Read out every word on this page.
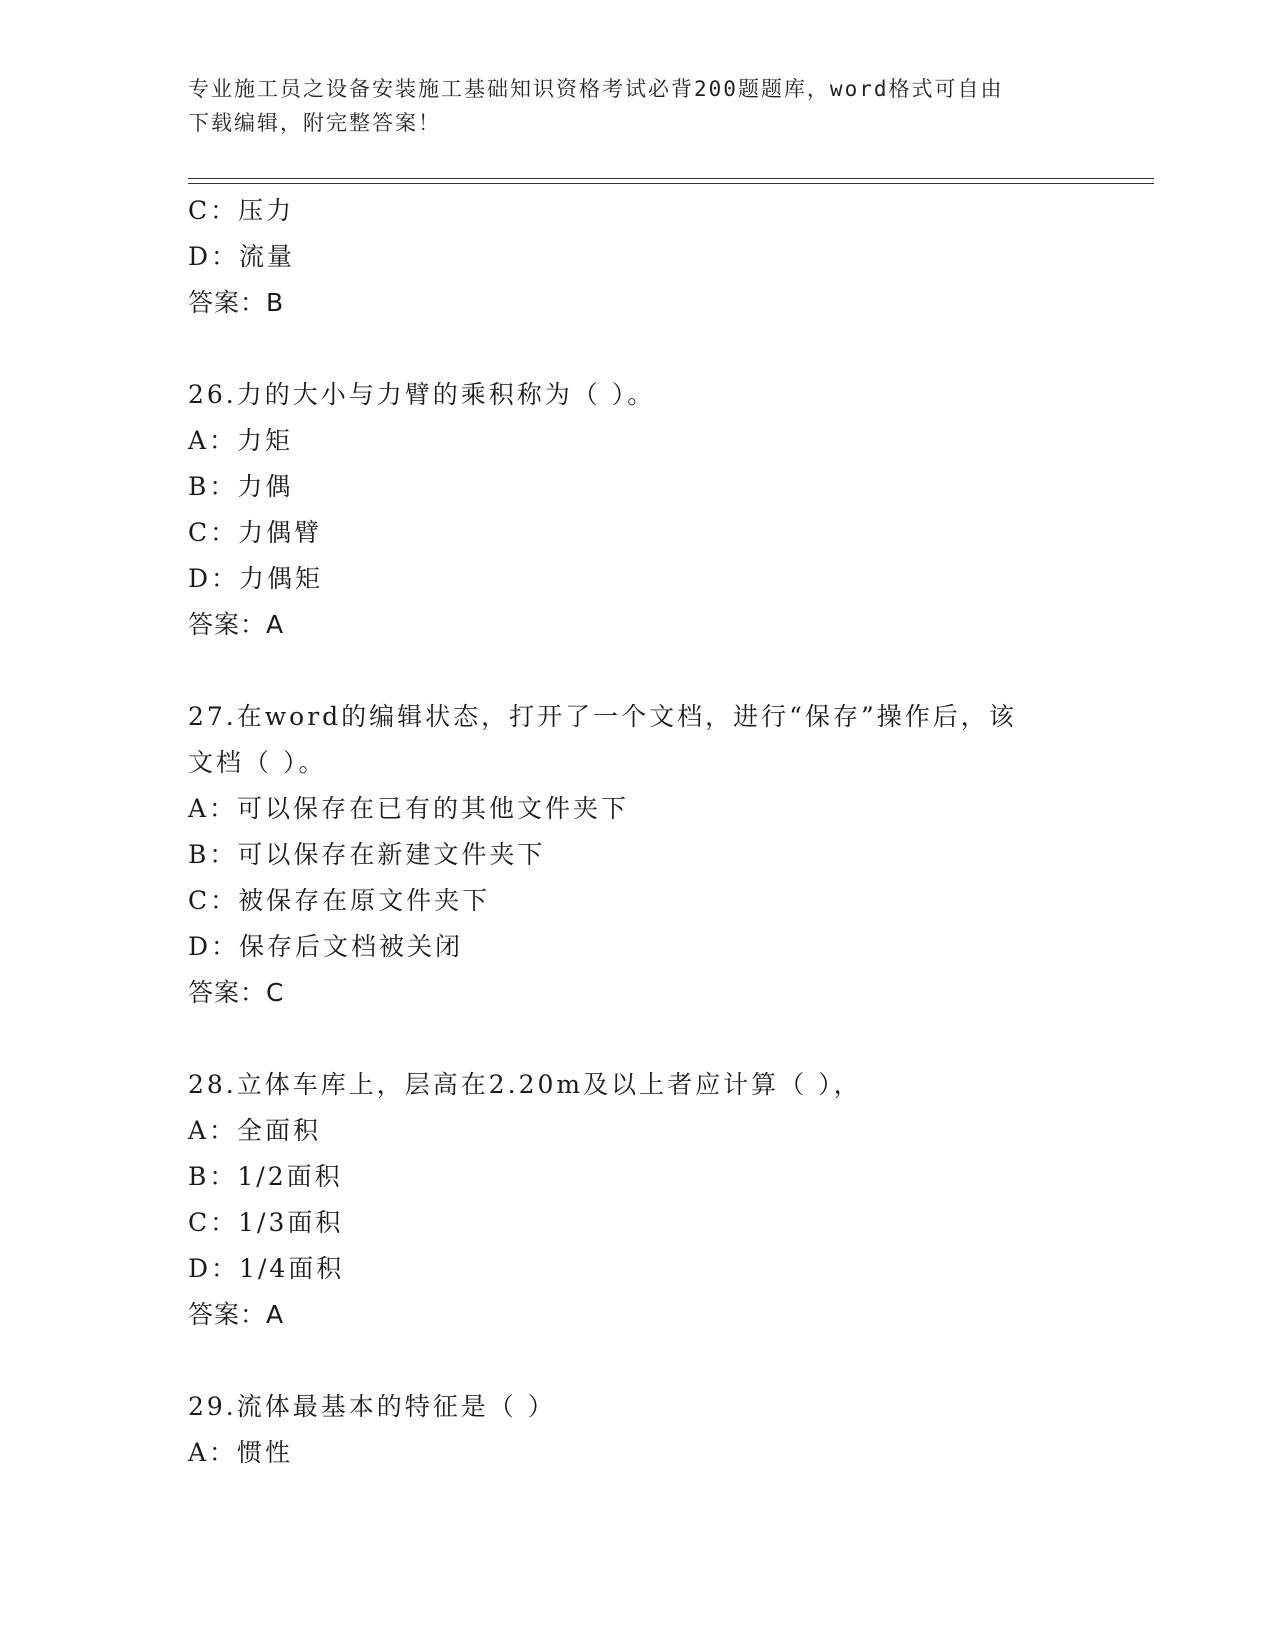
专业施工员之设备安装施工基础知识资格考试必背200题题库，word格式可自由
下载编辑，附完整答案！
C：压力
D：流量
答案：B
26.力的大小与力臂的乘积称为（ ）。
A：力矩
B：力偶
C：力偶臂
D：力偶矩
答案：A
27.在word的编辑状态，打开了一个文档，进行“保存”操作后，该
文档（ ）。
A：可以保存在已有的其他文件夹下
B：可以保存在新建文件夹下
C：被保存在原文件夹下
D：保存后文档被关闭
答案：C
28.立体车库上，层高在2.20m及以上者应计算（ ），
A：全面积
B：1/2面积
C：1/3面积
D：1/4面积
答案：A
29.流体最基本的特征是（ ）
A：惯性
